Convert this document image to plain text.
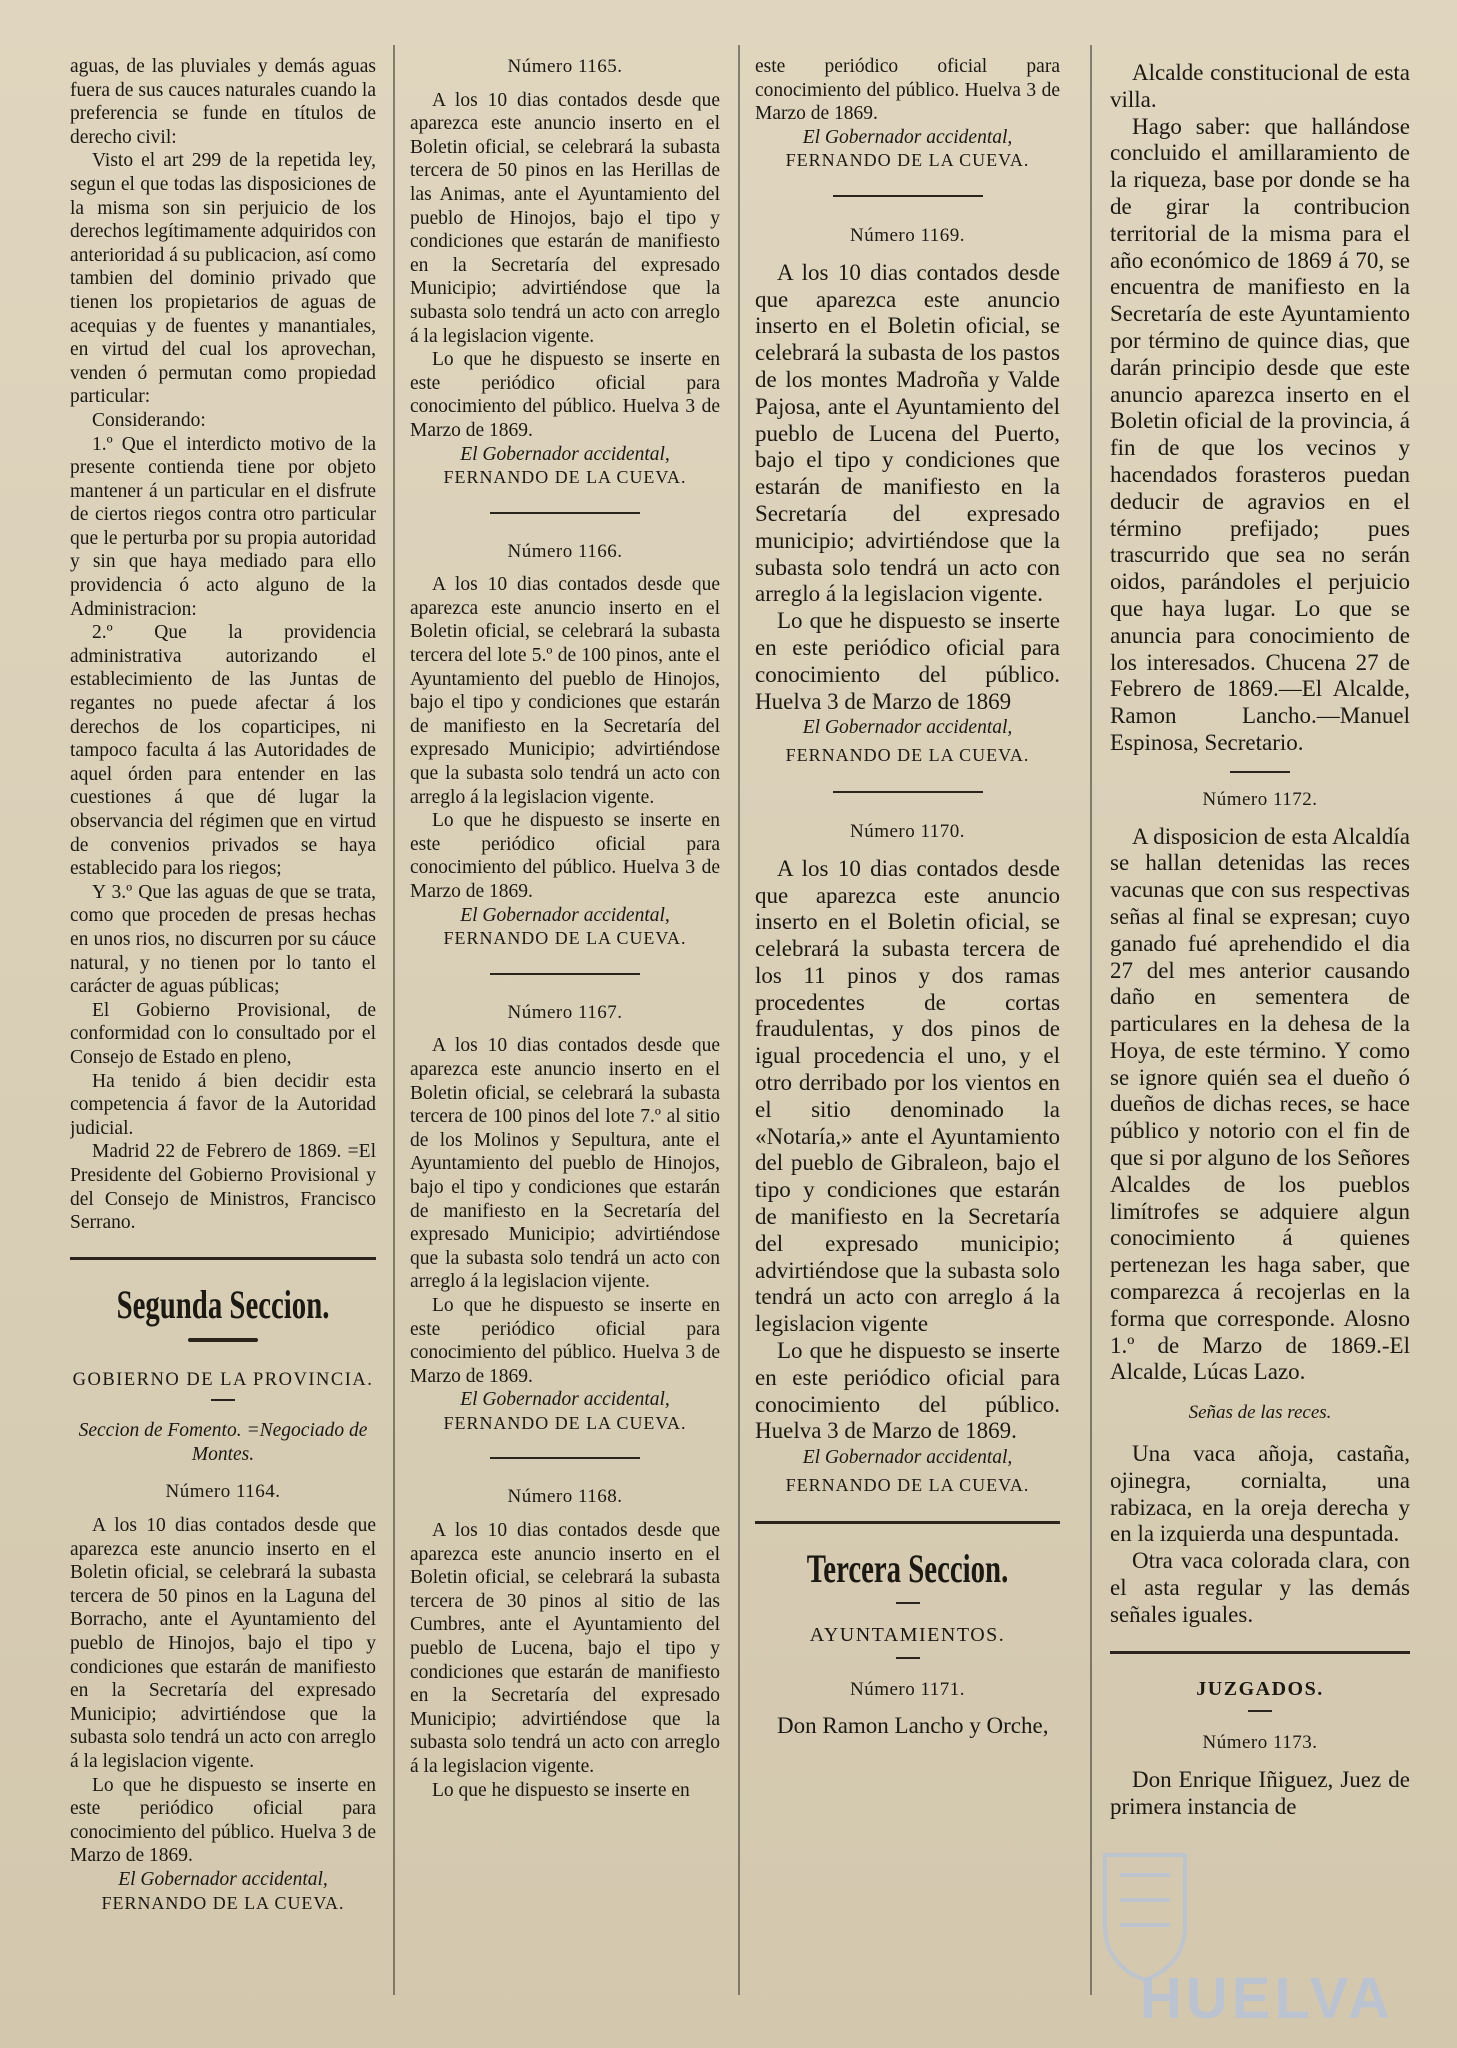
aguas, de las pluviales y demás aguas fuera de sus cauces naturales cuando la preferencia se funde en títulos de derecho civil:

Visto el art 299 de la repetida ley, segun el que todas las disposiciones de la misma son sin perjuicio de los derechos legítimamente adquiridos con anterioridad á su publicacion, así como tambien del dominio privado que tienen los propietarios de aguas de acequias y de fuentes y manantiales, en virtud del cual los aprovechan, venden ó permutan como propiedad particular:

Considerando:

1.º Que el interdicto motivo de la presente contienda tiene por objeto mantener á un particular en el disfrute de ciertos riegos contra otro particular que le perturba por su propia autoridad y sin que haya mediado para ello providencia ó acto alguno de la Administracion:

2.º Que la providencia administrativa autorizando el establecimiento de las Juntas de regantes no puede afectar á los derechos de los coparticipes, ni tampoco faculta á las Autoridades de aquel órden para entender en las cuestiones á que dé lugar la observancia del régimen que en virtud de convenios privados se haya establecido para los riegos;

Y 3.º Que las aguas de que se trata, como que proceden de presas hechas en unos rios, no discurren por su cáuce natural, y no tienen por lo tanto el carácter de aguas públicas;

El Gobierno Provisional, de conformidad con lo consultado por el Consejo de Estado en pleno,

Ha tenido á bien decidir esta competencia á favor de la Autoridad judicial.

Madrid 22 de Febrero de 1869. =El Presidente del Gobierno Provisional y del Consejo de Ministros, Francisco Serrano.

Segunda Seccion.
GOBIERNO DE LA PROVINCIA.
Seccion de Fomento. =Negociado de Montes.
Número 1164.

A los 10 dias contados desde que aparezca este anuncio inserto en el Boletin oficial, se celebrará la subasta tercera de 50 pinos en la Laguna del Borracho, ante el Ayuntamiento del pueblo de Hinojos, bajo el tipo y condiciones que estarán de manifiesto en la Secretaría del expresado Municipio; advirtiéndose que la subasta solo tendrá un acto con arreglo á la legislacion vigente.

Lo que he dispuesto se inserte en este periódico oficial para conocimiento del público. Huelva 3 de Marzo de 1869.

El Gobernador accidental,
FERNANDO DE LA CUEVA.
Número 1165.

A los 10 dias contados desde que aparezca este anuncio inserto en el Boletin oficial, se celebrará la subasta tercera de 50 pinos en las Herillas de las Animas, ante el Ayuntamiento del pueblo de Hinojos, bajo el tipo y condiciones que estarán de manifiesto en la Secretaría del expresado Municipio; advirtiéndose que la subasta solo tendrá un acto con arreglo á la legislacion vigente.

Lo que he dispuesto se inserte en este periódico oficial para conocimiento del público. Huelva 3 de Marzo de 1869.

El Gobernador accidental,
FERNANDO DE LA CUEVA.
Número 1166.

A los 10 dias contados desde que aparezca este anuncio inserto en el Boletin oficial, se celebrará la subasta tercera del lote 5.º de 100 pinos, ante el Ayuntamiento del pueblo de Hinojos, bajo el tipo y condiciones que estarán de manifiesto en la Secretaría del expresado Municipio; advirtiéndose que la subasta solo tendrá un acto con arreglo á la legislacion vigente.

Lo que he dispuesto se inserte en este periódico oficial para conocimiento del público. Huelva 3 de Marzo de 1869.

El Gobernador accidental,
FERNANDO DE LA CUEVA.
Número 1167.

A los 10 dias contados desde que aparezca este anuncio inserto en el Boletin oficial, se celebrará la subasta tercera de 100 pinos del lote 7.º al sitio de los Molinos y Sepultura, ante el Ayuntamiento del pueblo de Hinojos, bajo el tipo y condiciones que estarán de manifiesto en la Secretaría del expresado Municipio; advirtiéndose que la subasta solo tendrá un acto con arreglo á la legislacion vijente.

Lo que he dispuesto se inserte en este periódico oficial para conocimiento del público. Huelva 3 de Marzo de 1869.

El Gobernador accidental,
FERNANDO DE LA CUEVA.
Número 1168.

A los 10 dias contados desde que aparezca este anuncio inserto en el Boletin oficial, se celebrará la subasta tercera de 30 pinos al sitio de las Cumbres, ante el Ayuntamiento del pueblo de Lucena, bajo el tipo y condiciones que estarán de manifiesto en la Secretaría del expresado Municipio; advirtiéndose que la subasta solo tendrá un acto con arreglo á la legislacion vigente.

Lo que he dispuesto se inserte en

este periódico oficial para conocimiento del público. Huelva 3 de Marzo de 1869.

El Gobernador accidental,
FERNANDO DE LA CUEVA.
Número 1169.

A los 10 dias contados desde que aparezca este anuncio inserto en el Boletin oficial, se celebrará la subasta de los pastos de los montes Madroña y Valde Pajosa, ante el Ayuntamiento del pueblo de Lucena del Puerto, bajo el tipo y condiciones que estarán de manifiesto en la Secretaría del expresado municipio; advirtiéndose que la subasta solo tendrá un acto con arreglo á la legislacion vigente.

Lo que he dispuesto se inserte en este periódico oficial para conocimiento del público. Huelva 3 de Marzo de 1869

El Gobernador accidental,
FERNANDO DE LA CUEVA.
Número 1170.

A los 10 dias contados desde que aparezca este anuncio inserto en el Boletin oficial, se celebrará la subasta tercera de los 11 pinos y dos ramas procedentes de cortas fraudulentas, y dos pinos de igual procedencia el uno, y el otro derribado por los vientos en el sitio denominado la «Notaría,» ante el Ayuntamiento del pueblo de Gibraleon, bajo el tipo y condiciones que estarán de manifiesto en la Secretaría del expresado municipio; advirtiéndose que la subasta solo tendrá un acto con arreglo á la legislacion vigente

Lo que he dispuesto se inserte en este periódico oficial para conocimiento del público. Huelva 3 de Marzo de 1869.

El Gobernador accidental,
FERNANDO DE LA CUEVA.
Tercera Seccion.
AYUNTAMIENTOS.
Número 1171.

Don Ramon Lancho y Orche,

Alcalde constitucional de esta villa.

Hago saber: que hallándose concluido el amillaramiento de la riqueza, base por donde se ha de girar la contribucion territorial de la misma para el año económico de 1869 á 70, se encuentra de manifiesto en la Secretaría de este Ayuntamiento por término de quince dias, que darán principio desde que este anuncio aparezca inserto en el Boletin oficial de la provincia, á fin de que los vecinos y hacendados forasteros puedan deducir de agravios en el término prefijado; pues trascurrido que sea no serán oidos, parándoles el perjuicio que haya lugar. Lo que se anuncia para conocimiento de los interesados. Chucena 27 de Febrero de 1869.—El Alcalde, Ramon Lancho.—Manuel Espinosa, Secretario.

Número 1172.

A disposicion de esta Alcaldía se hallan detenidas las reces vacunas que con sus respectivas señas al final se expresan; cuyo ganado fué aprehendido el dia 27 del mes anterior causando daño en sementera de particulares en la dehesa de la Hoya, de este término. Y como se ignore quién sea el dueño ó dueños de dichas reces, se hace público y notorio con el fin de que si por alguno de los Señores Alcaldes de los pueblos limítrofes se adquiere algun conocimiento á quienes pertenezan les haga saber, que comparezca á recojerlas en la forma que corresponde. Alosno 1.º de Marzo de 1869.-El Alcalde, Lúcas Lazo.

Señas de las reces.

Una vaca añoja, castaña, ojinegra, cornialta, una rabizaca, en la oreja derecha y en la izquierda una despuntada.

Otra vaca colorada clara, con el asta regular y las demás señales iguales.

JUZGADOS.
Número 1173.

Don Enrique Iñiguez, Juez de primera instancia de

HUELVA
